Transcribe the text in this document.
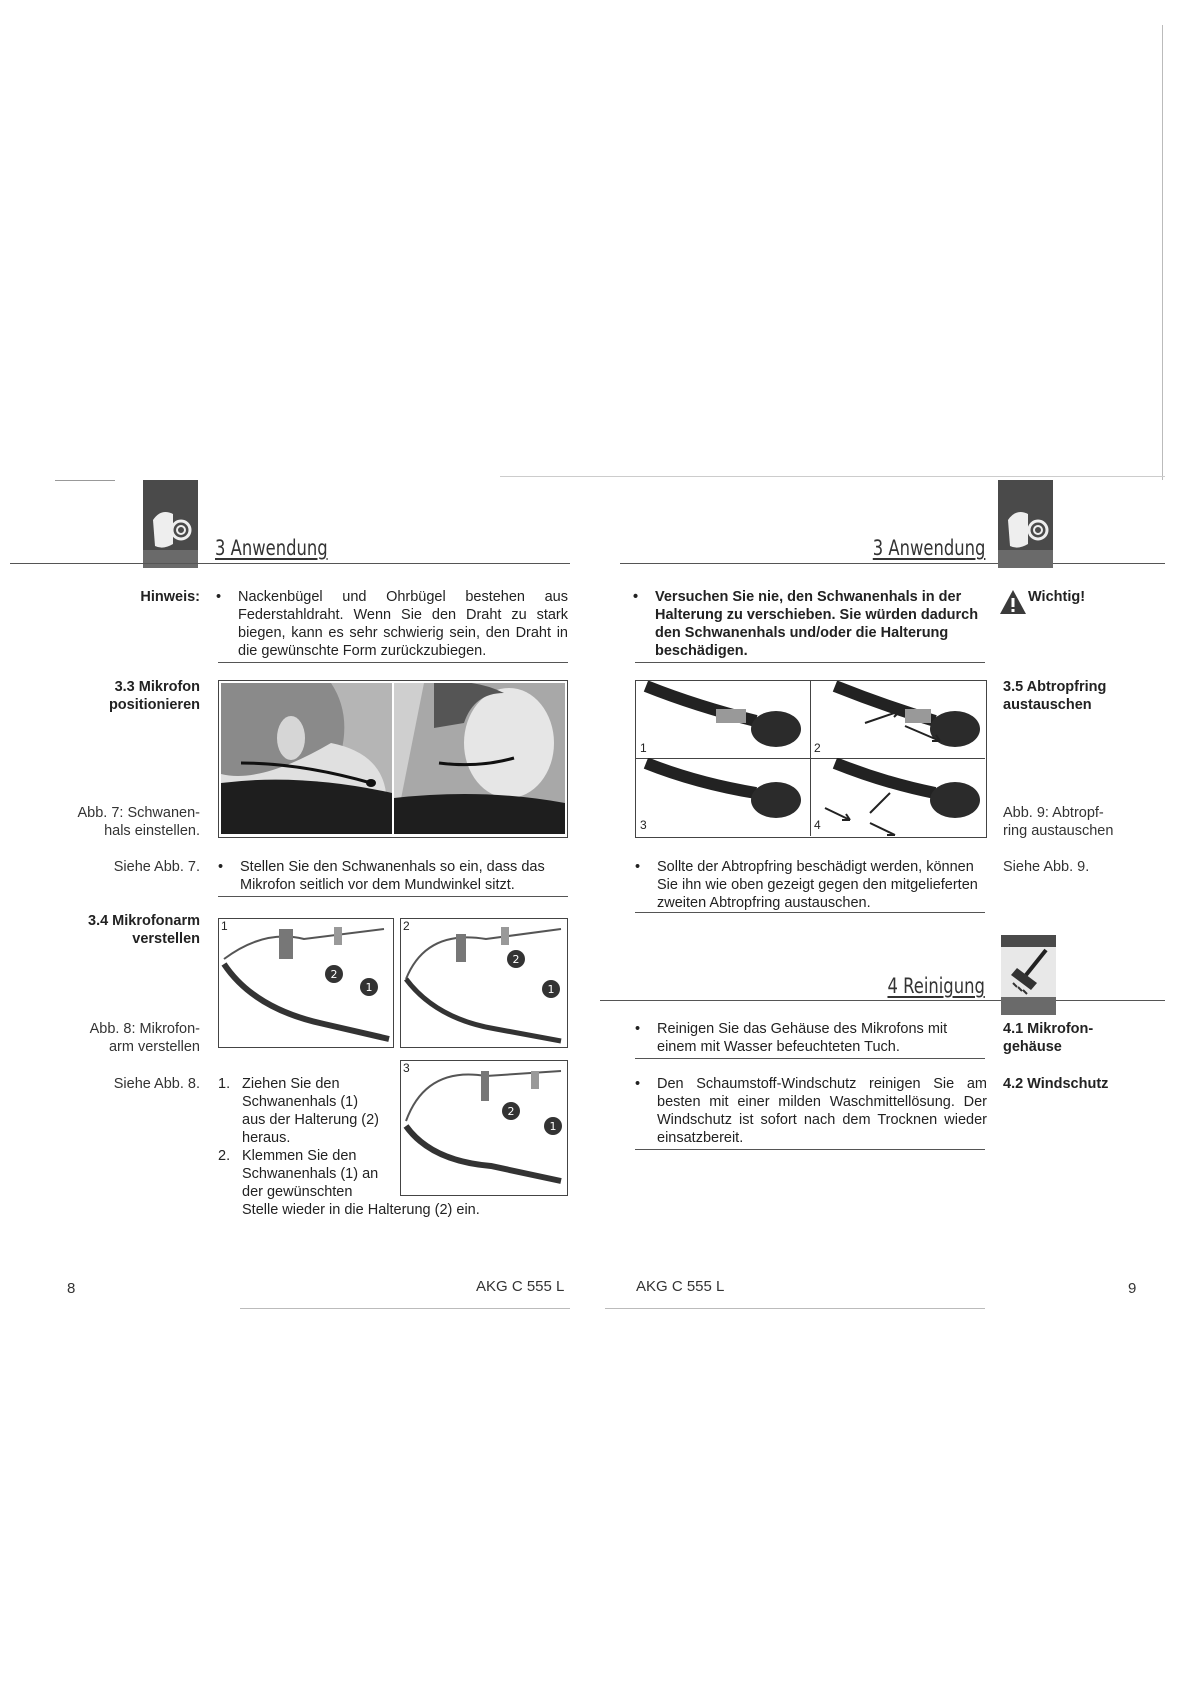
3 Anwendung	3 Anwendung
Hinweis: • Nackenbügel und Ohrbügel bestehen aus Federstahldraht. Wenn Sie den Draht zu stark biegen, kann es sehr schwierig sein, den Draht in die gewünschte Form zurückzubiegen.
3.3 Mikrofon
positionieren
Abb. 7: Schwanen-
hals einstellen.
Siehe Abb. 7. • Stellen Sie den Schwanenhals so ein, dass das Mikrofon seitlich vor dem Mundwinkel sitzt.
3.4 Mikrofonarm
verstellen
1
2
1
2
2
1
Abb. 8: Mikrofon-
arm verstellen
Siehe Abb. 8. 1. Ziehen Sie den
Schwanenhals (1)
aus der Halterung (2)
heraus.
2. Klemmen Sie den
Schwanenhals (1) an
der gewünschten
Stelle wieder in die Halterung (2) ein.
3
2
1
8	AKG C 555 L
• Versuchen Sie nie, den Schwanenhals in der Halterung zu verschieben. Sie würden dadurch den Schwanenhals und/oder die Halterung beschädigen.
Wichtig!
3.5 Abtropfring
austauschen
1	2
3	4
Abb. 9: Abtropf-
ring austauschen
• Sollte der Abtropfring beschädigt werden, können Sie ihn wie oben gezeigt gegen den mitgelieferten zweiten Abtropfring austauschen.
Siehe Abb. 9.
4 Reinigung
• Reinigen Sie das Gehäuse des Mikrofons mit einem mit Wasser befeuchteten Tuch.
4.1 Mikrofon-
gehäuse
• Den Schaumstoff-Windschutz reinigen Sie am besten mit einer milden Waschmittellösung. Der Windschutz ist sofort nach dem Trocknen wieder einsatzbereit.
4.2 Windschutz
AKG C 555 L	9
